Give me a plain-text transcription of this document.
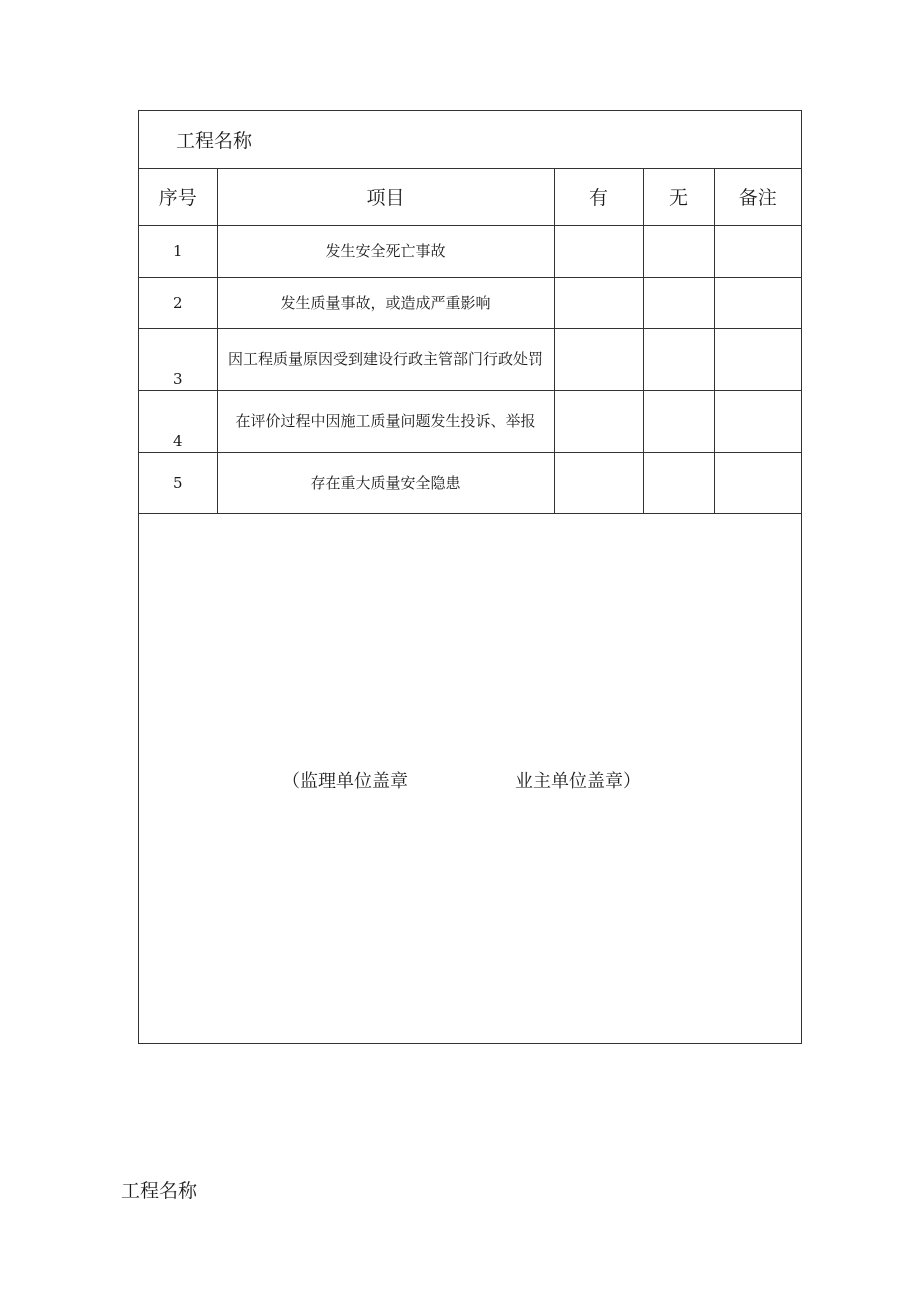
工程名称
序号	项目	有	无	备注
1	发生安全死亡事故			
2	发生质量事故，或造成严重影响			
3	因工程质量原因受到建设行政主管部门行政处罚			
4	在评价过程中因施工质量问题发生投诉、举报			
5	存在重大质量安全隐患			
（监理单位盖章	业主单位盖章）
工程名称
